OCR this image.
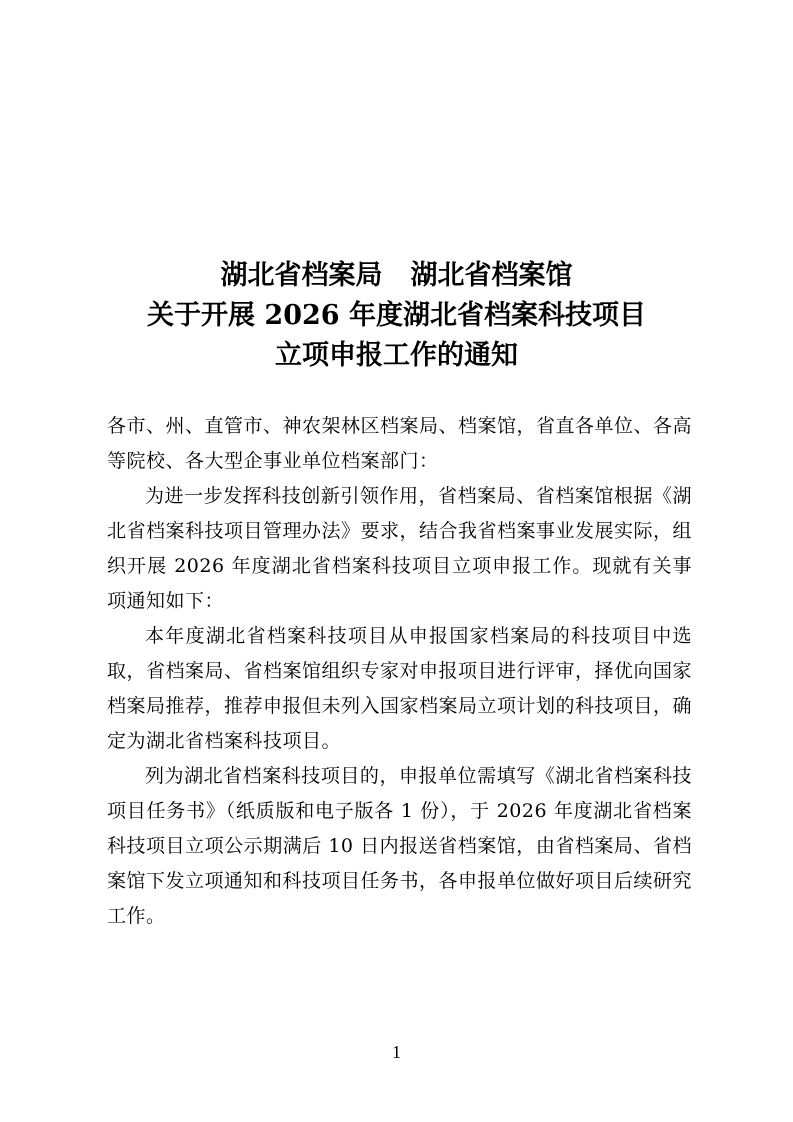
湖北省档案局 湖北省档案馆
关于开展 2026 年度湖北省档案科技项目
立项申报工作的通知

各市、州、直管市、神农架林区档案局、档案馆，省直各单位、各高等院校、各大型企事业单位档案部门：

为进一步发挥科技创新引领作用，省档案局、省档案馆根据《湖北省档案科技项目管理办法》要求，结合我省档案事业发展实际，组织开展 2026 年度湖北省档案科技项目立项申报工作。现就有关事项通知如下：

本年度湖北省档案科技项目从申报国家档案局的科技项目中选取，省档案局、省档案馆组织专家对申报项目进行评审，择优向国家档案局推荐，推荐申报但未列入国家档案局立项计划的科技项目，确定为湖北省档案科技项目。

列为湖北省档案科技项目的，申报单位需填写《湖北省档案科技项目任务书》（纸质版和电子版各 1 份），于 2026 年度湖北省档案科技项目立项公示期满后 10 日内报送省档案馆，由省档案局、省档案馆下发立项通知和科技项目任务书，各申报单位做好项目后续研究工作。

1
